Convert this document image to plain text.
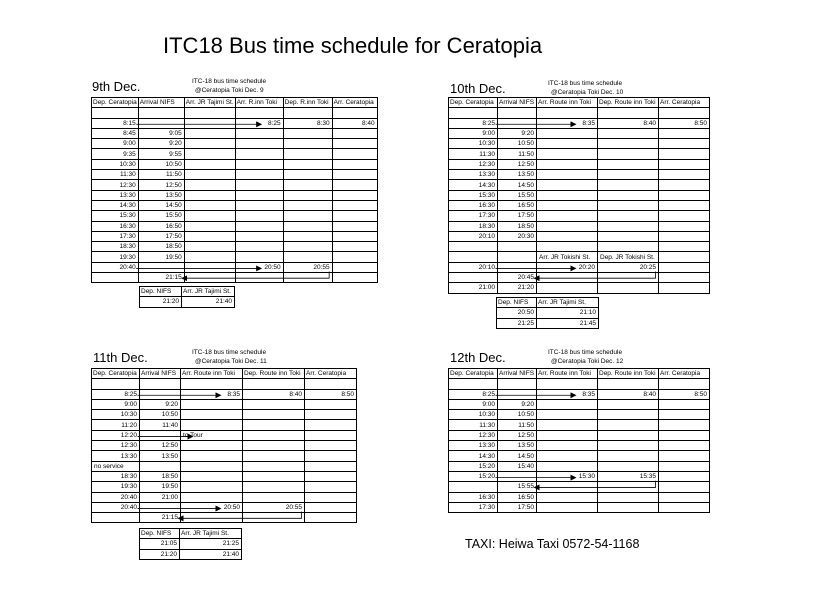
ITC18 Bus time schedule for Ceratopia
9th Dec.	ITC-18 bus time schedule
@Ceratopia Toki Dec. 9
Dep. Ceratopia	Arrival NIFS	Arr. JR Tajimi St.	Arr. R.inn Toki	Dep. R.inn Toki	Arr. Ceratopia

8:15			8:25	8:30	8:40
8:45	9:05				
9:00	9:20				
9:35	9:55				
10:30	10:50				
11:30	11:50				
12:30	12:50				
13:30	13:50				
14:30	14:50				
15:30	15:50				
16:30	16:50				
17:30	17:50				
18:30	18:50				
19:30	19:50				
20:40			20:50	20:55	
	21:15				
Dep. NIFS	Arr. JR Tajimi St.
21:20	21:40
10th Dec.	ITC-18 bus time schedule
@Ceratopia Toki Dec. 10
Dep. Ceratopia	Arrival NIFS	Arr. Route inn Toki	Dep. Route inn Toki	Arr. Ceratopia

8:25		8:35	8:40	8:50
9:00	9:20			
10:30	10:50			
11:30	11:50			
12:30	12:50			
13:30	13:50			
14:30	14:50			
15:30	15:50			
16:30	16:50			
17:30	17:50			
18:30	18:50			
20:10	20:30			

		Arr. JR Tokishi St.	Dep. JR Tokishi St.	
20:10		20:20	20:25	
	20:45			
21:00	21:20			
Dep. NIFS	Arr. JR Tajimi St.
20:50	21:10
21:25	21:45
11th Dec.	ITC-18 bus time schedule
@Ceratopia Toki Dec. 11
Dep. Ceratopia	Arrival NIFS	Arr. Route inn Toki	Dep. Route inn Toki	Arr. Ceratopia

8:25		8:35	8:40	8:50
9:00	9:20			
10:30	10:50			
11:20	11:40			
12:20		to Tour		
12:30	12:50			
13:30	13:50			
no service				
18:30	18:50			
19:30	19:50			
20:40	21:00			
20:40		20:50	20:55	
	21:15			
Dep. NIFS	Arr. JR Tajimi St.
21:05	21:25
21:20	21:40
12th Dec.	ITC-18 bus time schedule
@Ceratopia Toki Dec. 12
Dep. Ceratopia	Arrival NIFS	Arr. Route inn Toki	Dep. Route inn Toki	Arr. Ceratopia

8:25		8:35	8:40	8:50
9:00	9:20			
10:30	10:50			
11:30	11:50			
12:30	12:50			
13:30	13:50			
14:30	14:50			
15:20	15:40			
15:20		15:30	15:35	
	15:55			
16:30	16:50			
17:30	17:50			
TAXI: Heiwa Taxi 0572-54-1168
